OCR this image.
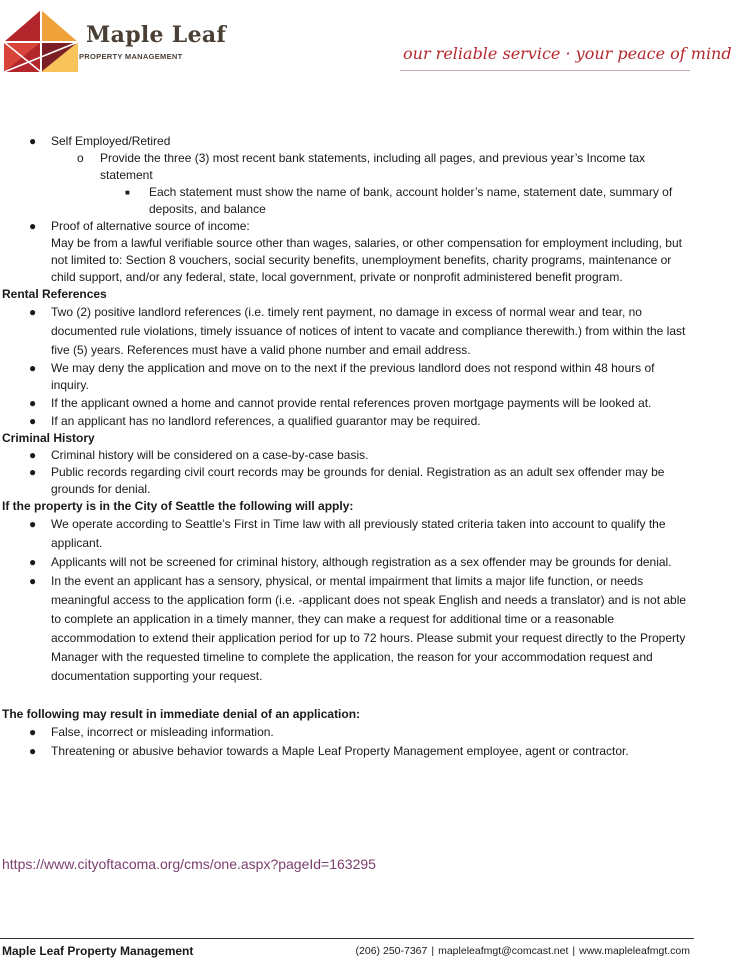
Maple Leaf
PROPERTY MANAGEMENT	our reliable service · your peace of mind

● Self Employed/Retired

o Provide the three (3) most recent bank statements, including all pages, and previous year’s Income tax statement

■ Each statement must show the name of bank, account holder’s name, statement date, summary of deposits, and balance

● Proof of alternative source of income:

May be from a lawful verifiable source other than wages, salaries, or other compensation for employment including, but not limited to: Section 8 vouchers, social security benefits, unemployment benefits, charity programs, maintenance or child support, and/or any federal, state, local government, private or nonprofit administered benefit program.

Rental References

● Two (2) positive landlord references (i.e. timely rent payment, no damage in excess of normal wear and tear, no documented rule violations, timely issuance of notices of intent to vacate and compliance therewith.) from within the last five (5) years. References must have a valid phone number and email address.

● We may deny the application and move on to the next if the previous landlord does not respond within 48 hours of inquiry.

● If the applicant owned a home and cannot provide rental references proven mortgage payments will be looked at.

● If an applicant has no landlord references, a qualified guarantor may be required.

Criminal History

● Criminal history will be considered on a case-by-case basis.

● Public records regarding civil court records may be grounds for denial. Registration as an adult sex offender may be grounds for denial.

If the property is in the City of Seattle the following will apply:

● We operate according to Seattle’s First in Time law with all previously stated criteria taken into account to qualify the applicant.

● Applicants will not be screened for criminal history, although registration as a sex offender may be grounds for denial.

● In the event an applicant has a sensory, physical, or mental impairment that limits a major life function, or needs meaningful access to the application form (i.e. -applicant does not speak English and needs a translator) and is not able to complete an application in a timely manner, they can make a request for additional time or a reasonable accommodation to extend their application period for up to 72 hours. Please submit your request directly to the Property Manager with the requested timeline to complete the application, the reason for your accommodation request and documentation supporting your request.

The following may result in immediate denial of an application:

● False, incorrect or misleading information.

● Threatening or abusive behavior towards a Maple Leaf Property Management employee, agent or contractor.

https://www.cityoftacoma.org/cms/one.aspx?pageId=163295
Maple Leaf Property Management	(206) 250-7367 | mapleleafmgt@comcast.net | www.mapleleafmgt.com
